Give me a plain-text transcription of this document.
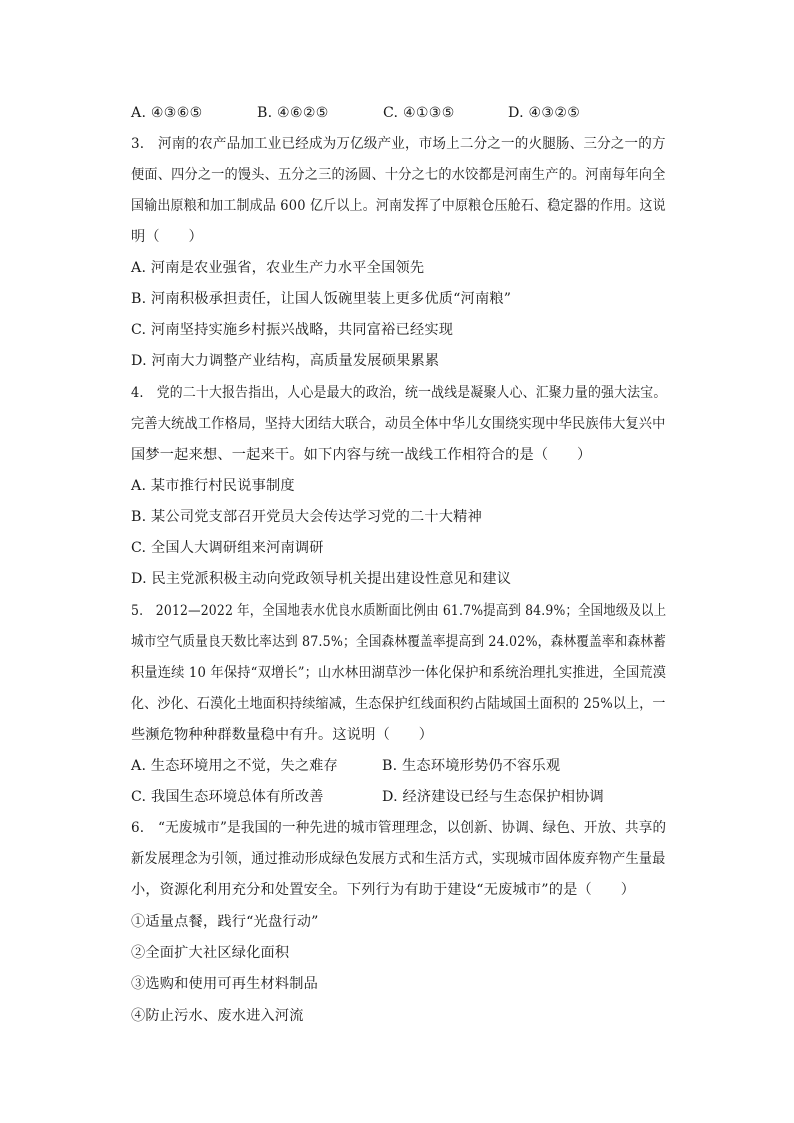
A. ④③⑥⑤	B. ④⑥②⑤	C. ④①③⑤	D. ④③②⑤
3.　河南的农产品加工业已经成为万亿级产业，市场上二分之一的火腿肠、三分之一的方
便面、四分之一的馒头、五分之三的汤圆、十分之七的水饺都是河南生产的。河南每年向全
国输出原粮和加工制成品 600 亿斤以上。河南发挥了中原粮仓压舱石、稳定器的作用。这说
明（　　）
A. 河南是农业强省，农业生产力水平全国领先
B. 河南积极承担责任，让国人饭碗里装上更多优质“河南粮”
C. 河南坚持实施乡村振兴战略，共同富裕已经实现
D. 河南大力调整产业结构，高质量发展硕果累累
4.　党的二十大报告指出，人心是最大的政治，统一战线是凝聚人心、汇聚力量的强大法宝。
完善大统战工作格局，坚持大团结大联合，动员全体中华儿女围绕实现中华民族伟大复兴中
国梦一起来想、一起来干。如下内容与统一战线工作相符合的是（　　）
A. 某市推行村民说事制度
B. 某公司党支部召开党员大会传达学习党的二十大精神
C. 全国人大调研组来河南调研
D. 民主党派积极主动向党政领导机关提出建设性意见和建议
5.　2012—2022 年，全国地表水优良水质断面比例由 61.7%提高到 84.9%；全国地级及以上
城市空气质量良天数比率达到 87.5%；全国森林覆盖率提高到 24.02%，森林覆盖率和森林蓄
积量连续 10 年保持“双增长”；山水林田湖草沙一体化保护和系统治理扎实推进，全国荒漠
化、沙化、石漠化土地面积持续缩减，生态保护红线面积约占陆域国土面积的 25%以上，一
些濒危物种种群数量稳中有升。这说明（　　）
A. 生态环境用之不觉，失之难存	B. 生态环境形势仍不容乐观
C. 我国生态环境总体有所改善	D. 经济建设已经与生态保护相协调
6.　“无废城市”是我国的一种先进的城市管理理念，以创新、协调、绿色、开放、共享的
新发展理念为引领，通过推动形成绿色发展方式和生活方式，实现城市固体废弃物产生量最
小，资源化利用充分和处置安全。下列行为有助于建设“无废城市”的是（　　）
①适量点餐，践行“光盘行动”
②全面扩大社区绿化面积
③选购和使用可再生材料制品
④防止污水、废水进入河流
